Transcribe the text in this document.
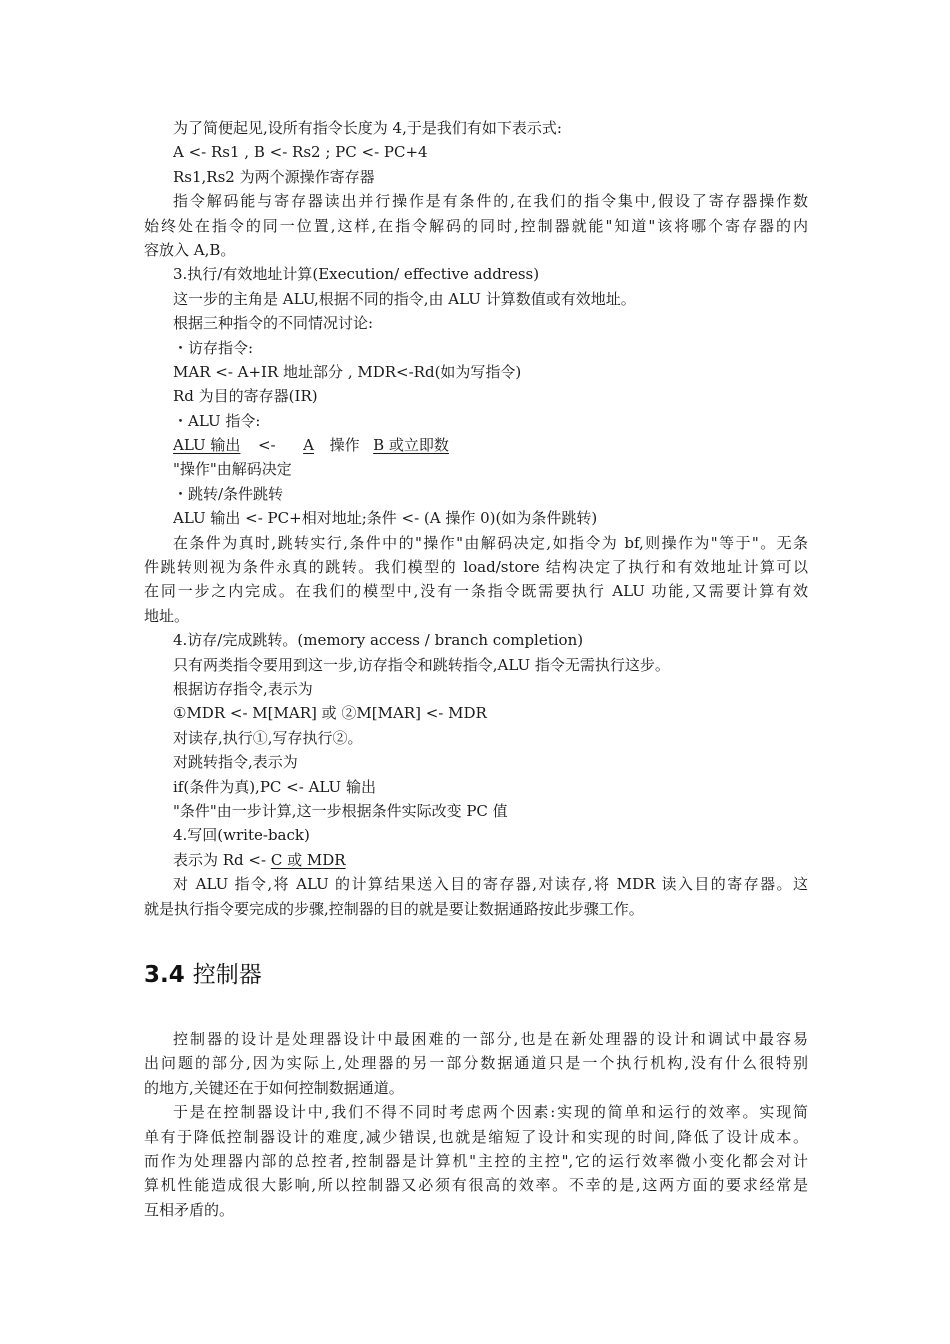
为了简便起见,设所有指令长度为 4,于是我们有如下表示式:
A <- Rs1 , B <- Rs2 ; PC <- PC+4
Rs1,Rs2 为两个源操作寄存器
指令解码能与寄存器读出并行操作是有条件的,在我们的指令集中,假设了寄存器操作数
始终处在指令的同一位置,这样,在指令解码的同时,控制器就能"知道"该将哪个寄存器的内
容放入 A,B。
3.执行/有效地址计算(Execution/ effective address)
这一步的主角是 ALU,根据不同的指令,由 ALU 计算数值或有效地址。
根据三种指令的不同情况讨论:
・访存指令:
MAR <- A+IR 地址部分 , MDR<-Rd(如为写指令)
Rd 为目的寄存器(IR)
・ALU 指令:
ALU 输出 <- A 操作 B 或立即数
"操作"由解码决定
・跳转/条件跳转
ALU 输出 <- PC+相对地址;条件 <- (A 操作 0)(如为条件跳转)
在条件为真时,跳转实行,条件中的"操作"由解码决定,如指令为 bf,则操作为"等于"。无条
件跳转则视为条件永真的跳转。我们模型的 load/store 结构决定了执行和有效地址计算可以
在同一步之内完成。在我们的模型中,没有一条指令既需要执行 ALU 功能,又需要计算有效
地址。
4.访存/完成跳转。(memory access / branch completion)
只有两类指令要用到这一步,访存指令和跳转指令,ALU 指令无需执行这步。
根据访存指令,表示为
①MDR <- M[MAR] 或 ②M[MAR] <- MDR
对读存,执行①,写存执行②。
对跳转指令,表示为
if(条件为真),PC <- ALU 输出
"条件"由一步计算,这一步根据条件实际改变 PC 值
4.写回(write-back)
表示为 Rd <- C 或 MDR
对 ALU 指令,将 ALU 的计算结果送入目的寄存器,对读存,将 MDR 读入目的寄存器。这
就是执行指令要完成的步骤,控制器的目的就是要让数据通路按此步骤工作。
3.4 控制器
控制器的设计是处理器设计中最困难的一部分,也是在新处理器的设计和调试中最容易
出问题的部分,因为实际上,处理器的另一部分数据通道只是一个执行机构,没有什么很特别
的地方,关键还在于如何控制数据通道。
于是在控制器设计中,我们不得不同时考虑两个因素:实现的简单和运行的效率。实现简
单有于降低控制器设计的难度,减少错误,也就是缩短了设计和实现的时间,降低了设计成本。
而作为处理器内部的总控者,控制器是计算机"主控的主控",它的运行效率微小变化都会对计
算机性能造成很大影响,所以控制器又必须有很高的效率。不幸的是,这两方面的要求经常是
互相矛盾的。
